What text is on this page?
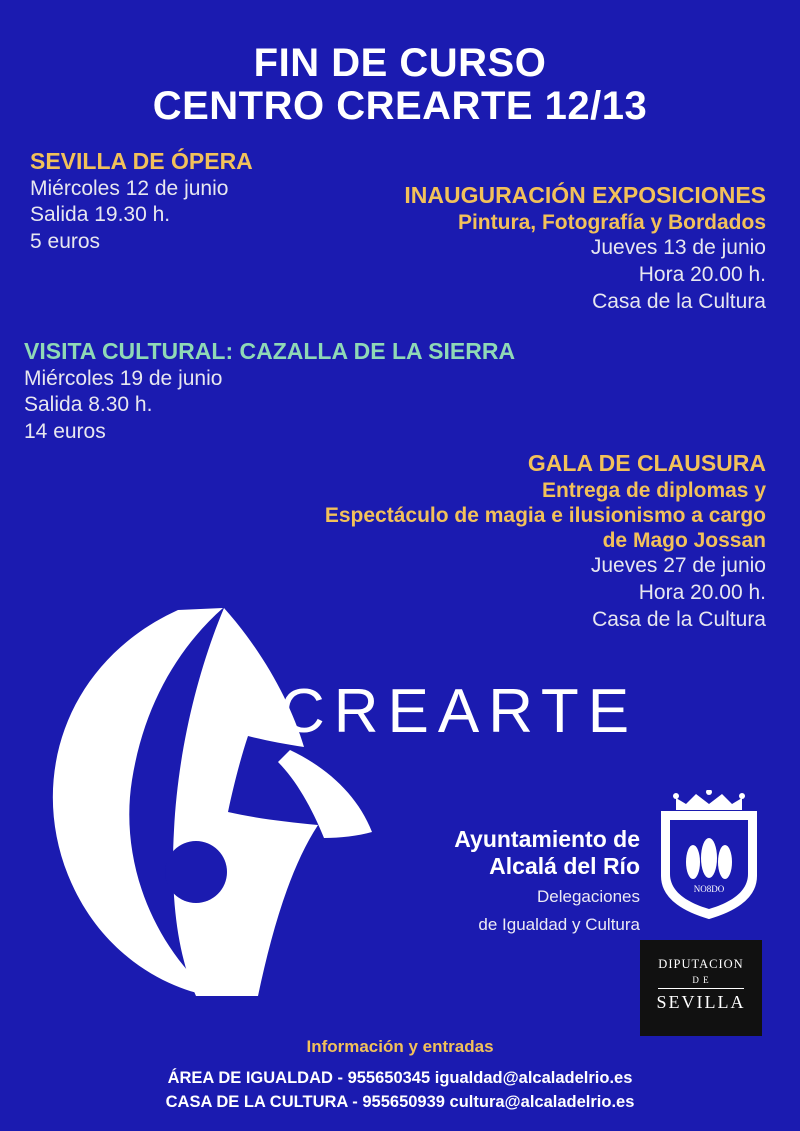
FIN DE CURSO
CENTRO CREARTE 12/13
SEVILLA DE ÓPERA
Miércoles 12 de junio
Salida 19.30 h.
5 euros
INAUGURACIÓN EXPOSICIONES
Pintura, Fotografía y Bordados
Jueves 13 de junio
Hora 20.00 h.
Casa de la Cultura
VISITA CULTURAL: CAZALLA DE LA SIERRA
Miércoles 19 de junio
Salida 8.30 h.
14 euros
GALA DE CLAUSURA
Entrega de diplomas y
Espectáculo de magia e ilusionismo a cargo
de Mago Jossan
Jueves 27 de junio
Hora 20.00 h.
Casa de la Cultura
CREARTE
Ayuntamiento de
Alcalá del Río
Delegaciones
de Igualdad y Cultura
NO8DO
DIPUTACION
D E
SEVILLA
Información y entradas
ÁREA DE IGUALDAD - 955650345 igualdad@alcaladelrio.es
CASA DE LA CULTURA - 955650939 cultura@alcaladelrio.es
